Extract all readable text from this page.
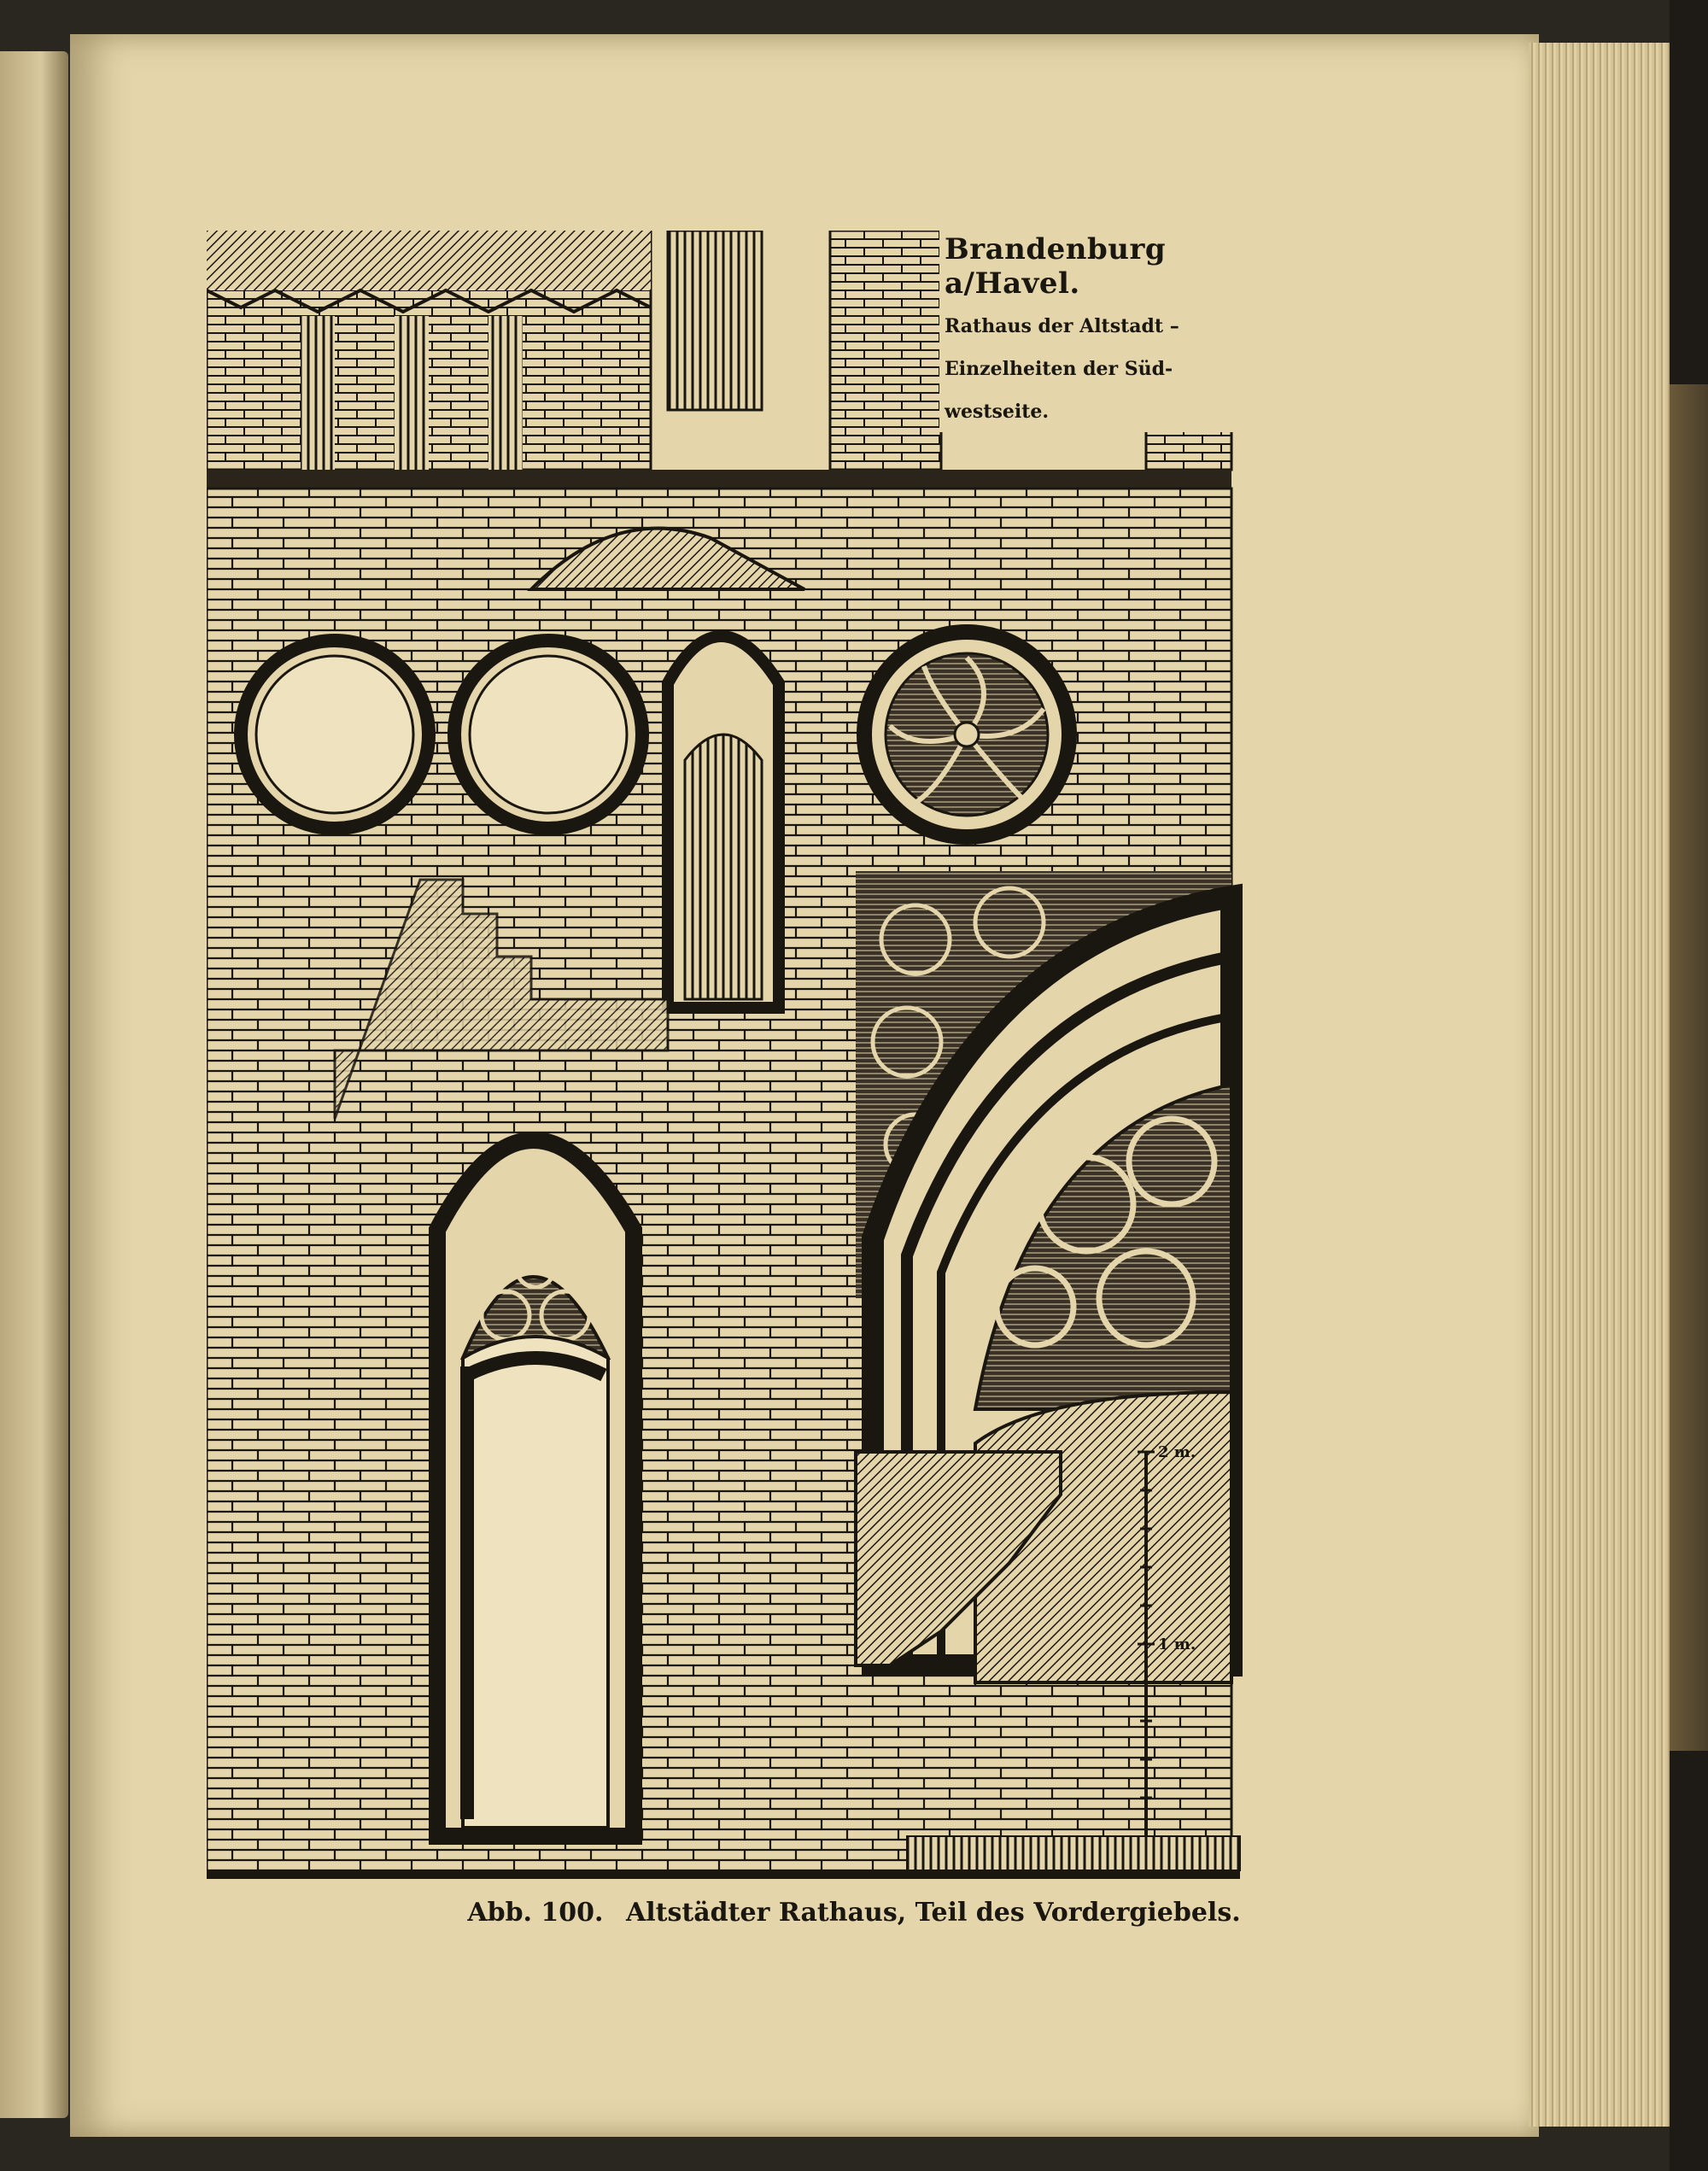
Brandenburg a/Havel.
Rathaus der Altstadt –
Einzelheiten der Süd-
westseite.
2 m.
1 m.
Abb. 100. Altstädter Rathaus, Teil des Vordergiebels.
